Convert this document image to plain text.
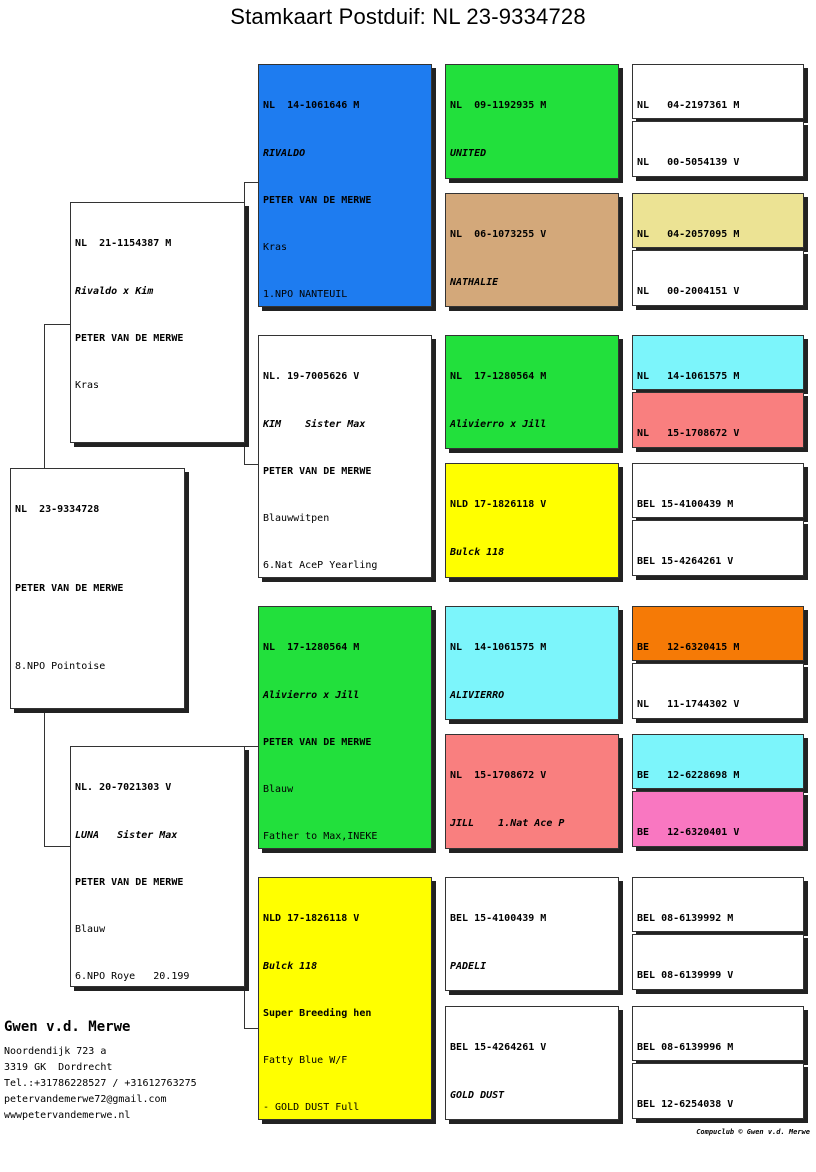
Stamkaart Postduif: NL 23-9334728

NL  23-9334728

PETER VAN DE MERWE

8.NPO Pointoise

NL  21-1154387 M

Rivaldo x Kim

PETER VAN DE MERWE

Kras

NL. 20-7021303 V

LUNA   Sister Max

PETER VAN DE MERWE

Blauw

6.NPO Roye   20.199

NL  14-1061646 M

RIVALDO

PETER VAN DE MERWE

Kras

1.NPO NANTEUIL

NL. 19-7005626 V

KIM    Sister Max

PETER VAN DE MERWE

Blauwwitpen

6.Nat AceP Yearling

NL  17-1280564 M

Alivierro x Jill

PETER VAN DE MERWE

Blauw

Father to Max,INEKE

NLD 17-1826118 V

Bulck 118

Super Breeding hen

Fatty Blue W/F

- GOLD DUST Full

NL  09-1192935 M

UNITED

NL  06-1073255 V

NATHALIE

NL  17-1280564 M

Alivierro x Jill

NLD 17-1826118 V

Bulck 118

NL  14-1061575 M

ALIVIERRO

NL  15-1708672 V

JILL    1.Nat Ace P

BEL 15-4100439 M

PADELI

BEL 15-4264261 V

GOLD DUST

NL   04-2197361 M

NL   00-5054139 V

NL   04-2057095 M

NL   00-2004151 V

NL   14-1061575 M

NL   15-1708672 V

BEL 15-4100439 M

BEL 15-4264261 V

BE   12-6320415 M

NL   11-1744302 V

BE   12-6228698 M

BE   12-6320401 V

BEL 08-6139992 M

BEL 08-6139999 V

BEL 08-6139996 M

BEL 12-6254038 V

Gwen v.d. Merwe
Noordendijk 723 a
3319 GK  Dordrecht
Tel.:+31786228527 / +31612763275
petervandemerwe72@gmail.com
wwwpetervandemerwe.nl
Compuclub © Gwen v.d. Merwe
